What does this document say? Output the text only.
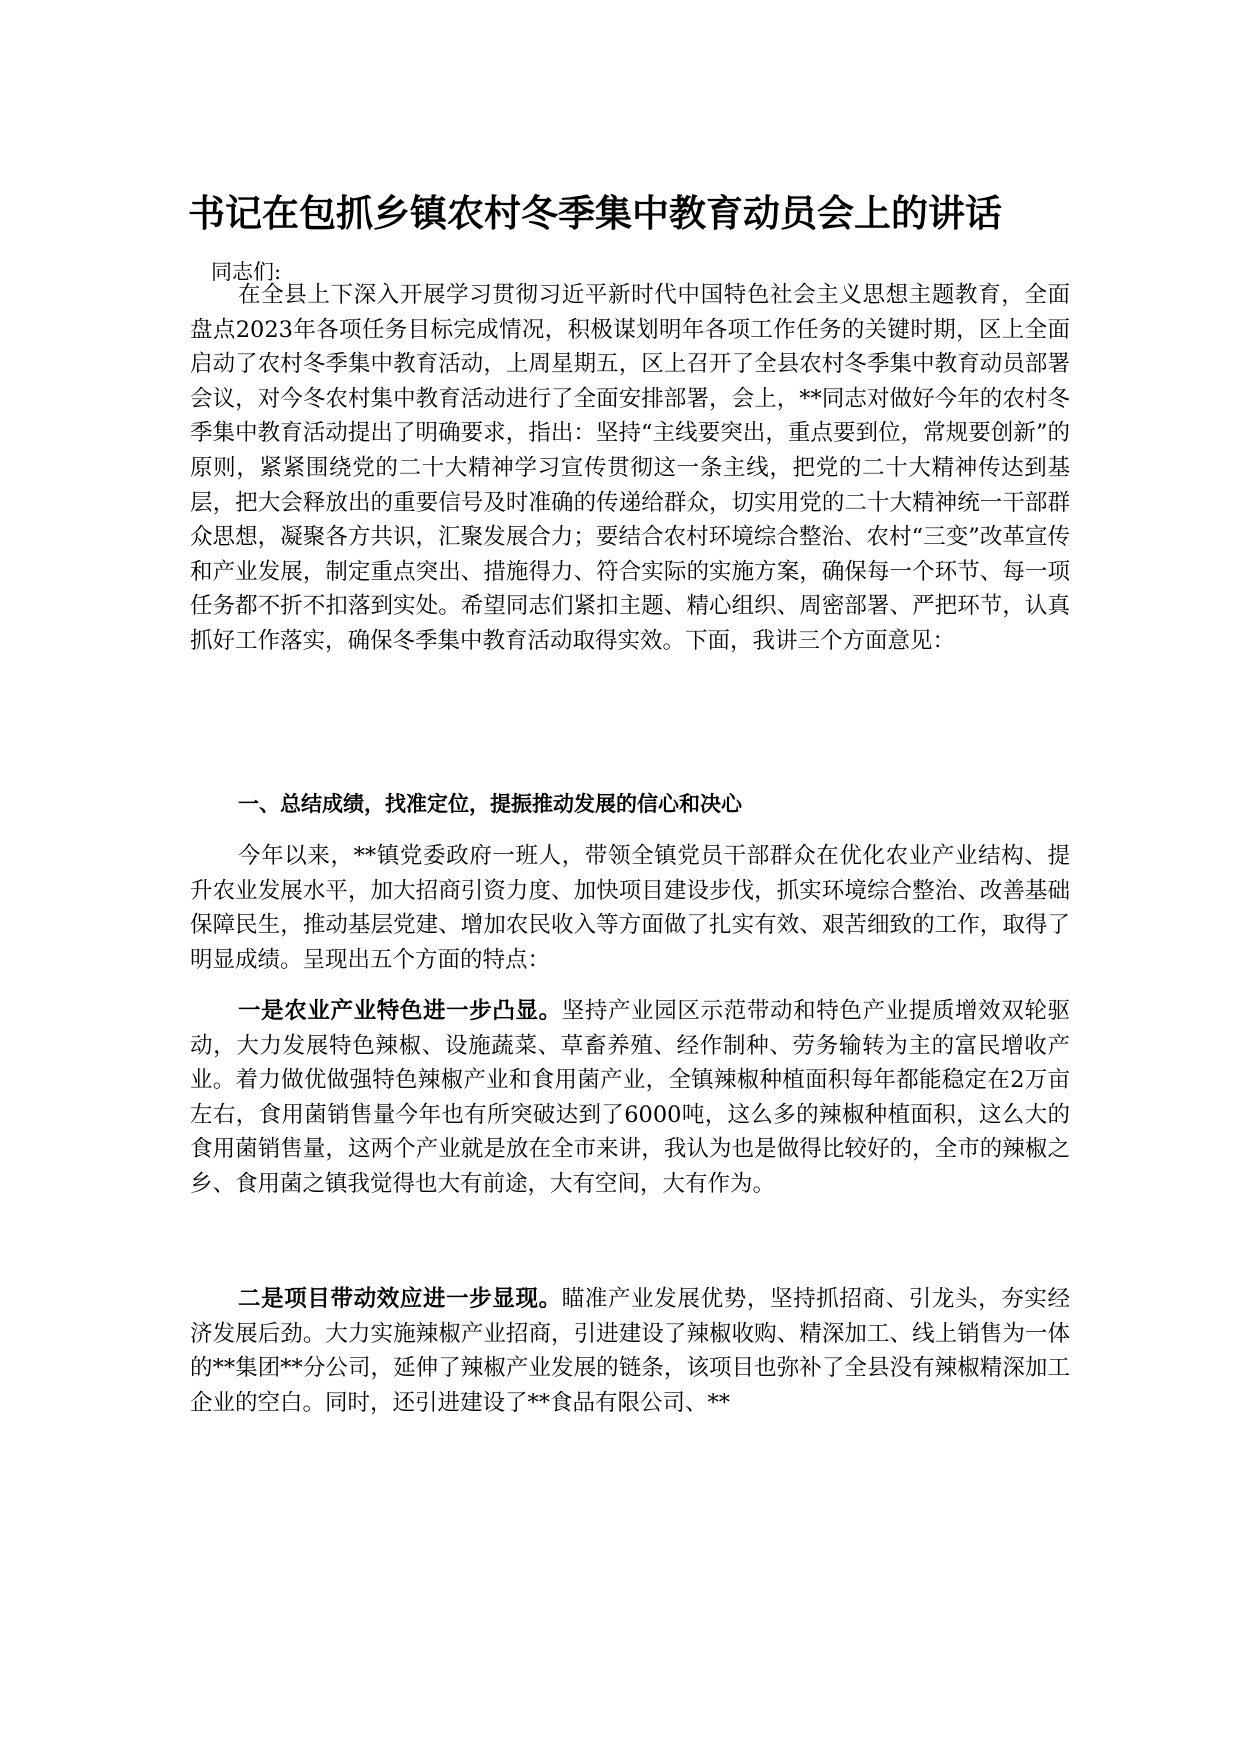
书记在包抓乡镇农村冬季集中教育动员会上的讲话

同志们:

在全县上下深入开展学习贯彻习近平新时代中国特色社会主义思想主题教育，全面盘点2023年各项任务目标完成情况，积极谋划明年各项工作任务的关键时期，区上全面启动了农村冬季集中教育活动，上周星期五，区上召开了全县农村冬季集中教育动员部署会议，对今冬农村集中教育活动进行了全面安排部署，会上，**同志对做好今年的农村冬季集中教育活动提出了明确要求，指出：坚持“主线要突出，重点要到位，常规要创新”的原则，紧紧围绕党的二十大精神学习宣传贯彻这一条主线，把党的二十大精神传达到基层，把大会释放出的重要信号及时准确的传递给群众，切实用党的二十大精神统一干部群众思想，凝聚各方共识，汇聚发展合力；要结合农村环境综合整治、农村“三变”改革宣传和产业发展，制定重点突出、措施得力、符合实际的实施方案，确保每一个环节、每一项任务都不折不扣落到实处。希望同志们紧扣主题、精心组织、周密部署、严把环节，认真抓好工作落实，确保冬季集中教育活动取得实效。下面，我讲三个方面意见：

一、总结成绩，找准定位，提振推动发展的信心和决心

今年以来，**镇党委政府一班人，带领全镇党员干部群众在优化农业产业结构、提升农业发展水平，加大招商引资力度、加快项目建设步伐，抓实环境综合整治、改善基础保障民生，推动基层党建、增加农民收入等方面做了扎实有效、艰苦细致的工作，取得了明显成绩。呈现出五个方面的特点：

一是农业产业特色进一步凸显。坚持产业园区示范带动和特色产业提质增效双轮驱动，大力发展特色辣椒、设施蔬菜、草畜养殖、经作制种、劳务输转为主的富民增收产业。着力做优做强特色辣椒产业和食用菌产业，全镇辣椒种植面积每年都能稳定在2万亩左右，食用菌销售量今年也有所突破达到了6000吨，这么多的辣椒种植面积，这么大的食用菌销售量，这两个产业就是放在全市来讲，我认为也是做得比较好的，全市的辣椒之乡、食用菌之镇我觉得也大有前途，大有空间，大有作为。

二是项目带动效应进一步显现。瞄准产业发展优势，坚持抓招商、引龙头，夯实经济发展后劲。大力实施辣椒产业招商，引进建设了辣椒收购、精深加工、线上销售为一体的**集团**分公司，延伸了辣椒产业发展的链条，该项目也弥补了全县没有辣椒精深加工企业的空白。同时，还引进建设了**食品有限公司、**
